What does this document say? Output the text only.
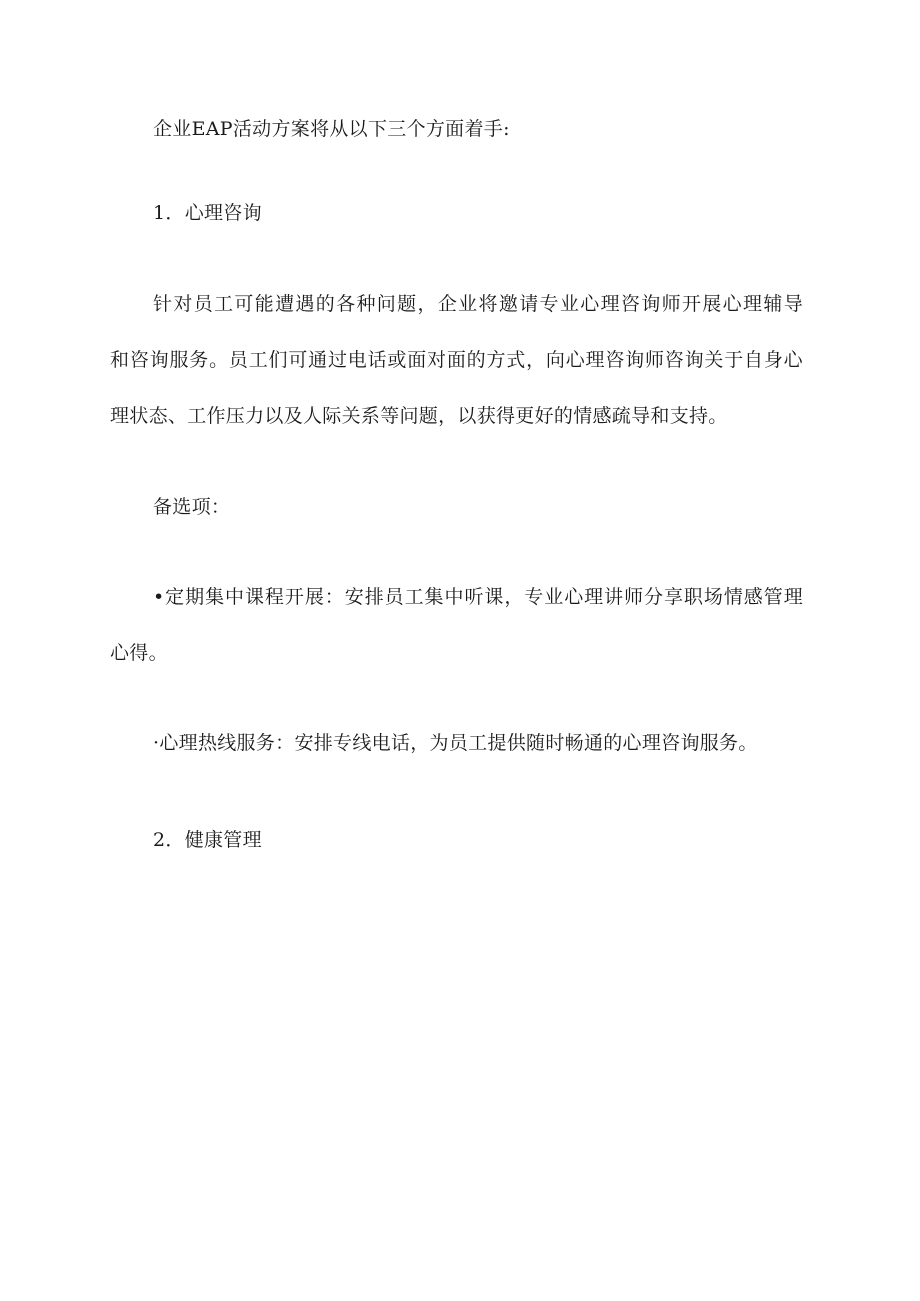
企业EAP活动方案将从以下三个方面着手:
1．心理咨询
针对员工可能遭遇的各种问题，企业将邀请专业心理咨询师开展心理辅导
和咨询服务。员工们可通过电话或面对面的方式，向心理咨询师咨询关于自身心
理状态、工作压力以及人际关系等问题，以获得更好的情感疏导和支持。
备选项：
•定期集中课程开展：安排员工集中听课，专业心理讲师分享职场情感管理
心得。
·心理热线服务：安排专线电话，为员工提供随时畅通的心理咨询服务。
2．健康管理
